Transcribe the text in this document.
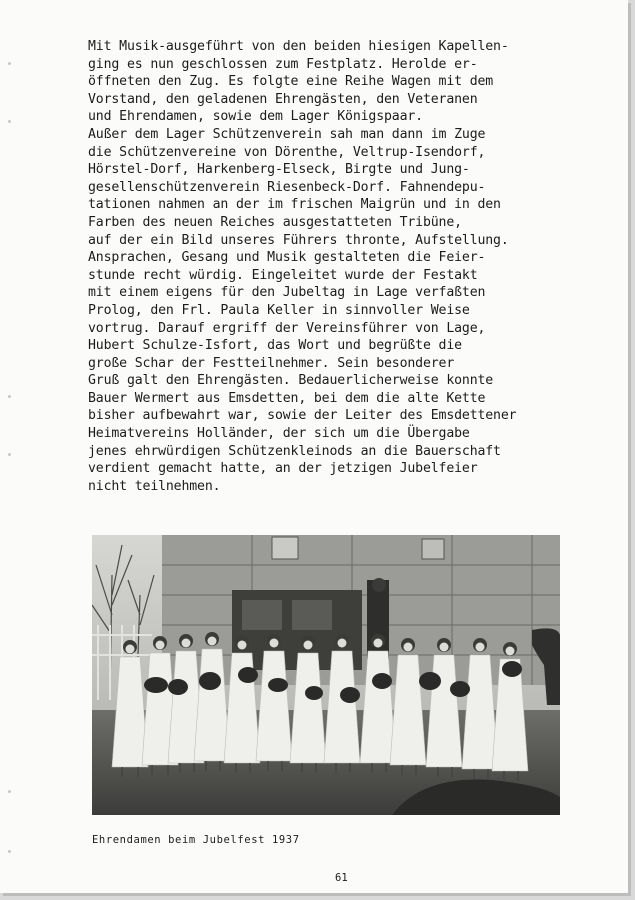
Mit Musik-ausgeführt von den beiden hiesigen Kapellen-
ging es nun geschlossen zum Festplatz. Herolde er-
öffneten den Zug. Es folgte eine Reihe Wagen mit dem
Vorstand, den geladenen Ehrengästen, den Veteranen
und Ehrendamen, sowie dem Lager Königspaar.
Außer dem Lager Schützenverein sah man dann im Zuge
die Schützenvereine von Dörenthe, Veltrup-Isendorf,
Hörstel-Dorf, Harkenberg-Elseck, Birgte und Jung-
gesellenschützenverein Riesenbeck-Dorf. Fahnendepu-
tationen nahmen an der im frischen Maigrün und in den
Farben des neuen Reiches ausgestatteten Tribüne,
auf der ein Bild unseres Führers thronte, Aufstellung.
Ansprachen, Gesang und Musik gestalteten die Feier-
stunde recht würdig. Eingeleitet wurde der Festakt
mit einem eigens für den Jubeltag in Lage verfaßten
Prolog, den Frl. Paula Keller in sinnvoller Weise
vortrug. Darauf ergriff der Vereinsführer von Lage,
Hubert Schulze-Isfort, das Wort und begrüßte die
große Schar der Festteilnehmer. Sein besonderer
Gruß galt den Ehrengästen. Bedauerlicherweise konnte
Bauer Wermert aus Emsdetten, bei dem die alte Kette
bisher aufbewahrt war, sowie der Leiter des Emsdettener
Heimatvereins Holländer, der sich um die Übergabe
jenes ehrwürdigen Schützenkleinods an die Bauerschaft
verdient gemacht hatte, an der jetzigen Jubelfeier
nicht teilnehmen.

Ehrendamen beim Jubelfest 1937
61
